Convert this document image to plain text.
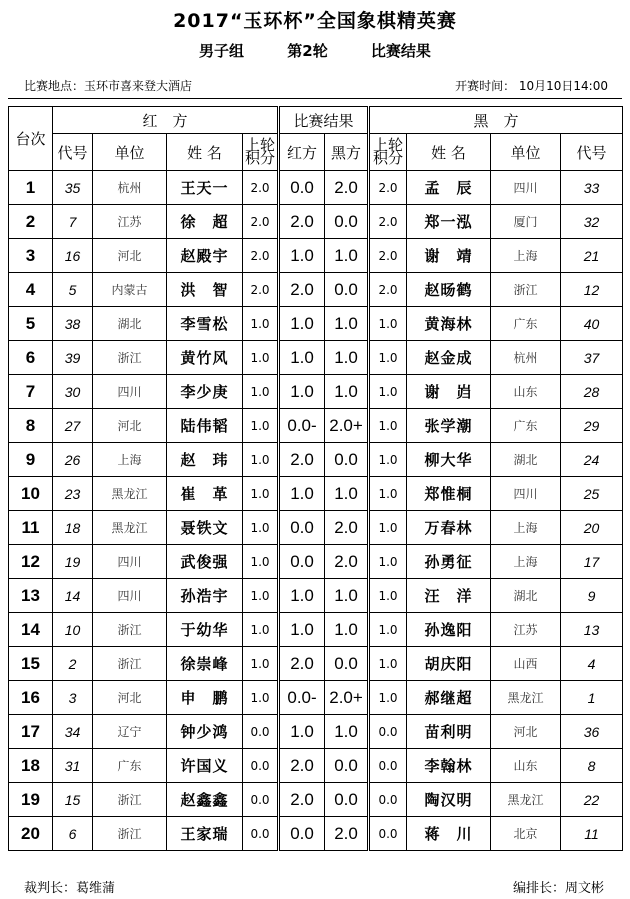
2017“玉环杯”全国象棋精英赛
男子组 第2轮 比赛结果
比赛地点：玉环市喜来登大酒店	开赛时间： 10月10日14:00
台次	红　方				比赛结果		黑　方			
	代号	单位	姓 名	上轮积分	红方	黑方	上轮积分	姓 名	单位	代号
1	35	杭州	王天一	2.0	0.0	2.0	2.0	孟　辰	四川	33
2	7	江苏	徐　超	2.0	2.0	0.0	2.0	郑一泓	厦门	32
3	16	河北	赵殿宇	2.0	1.0	1.0	2.0	谢　靖	上海	21
4	5	内蒙古	洪　智	2.0	2.0	0.0	2.0	赵旸鹤	浙江	12
5	38	湖北	李雪松	1.0	1.0	1.0	1.0	黄海林	广东	40
6	39	浙江	黄竹风	1.0	1.0	1.0	1.0	赵金成	杭州	37
7	30	四川	李少庚	1.0	1.0	1.0	1.0	谢　岿	山东	28
8	27	河北	陆伟韬	1.0	0.0-	2.0+	1.0	张学潮	广东	29
9	26	上海	赵　玮	1.0	2.0	0.0	1.0	柳大华	湖北	24
10	23	黑龙江	崔　革	1.0	1.0	1.0	1.0	郑惟桐	四川	25
11	18	黑龙江	聂铁文	1.0	0.0	2.0	1.0	万春林	上海	20
12	19	四川	武俊强	1.0	0.0	2.0	1.0	孙勇征	上海	17
13	14	四川	孙浩宇	1.0	1.0	1.0	1.0	汪　洋	湖北	9
14	10	浙江	于幼华	1.0	1.0	1.0	1.0	孙逸阳	江苏	13
15	2	浙江	徐崇峰	1.0	2.0	0.0	1.0	胡庆阳	山西	4
16	3	河北	申　鹏	1.0	0.0-	2.0+	1.0	郝继超	黑龙江	1
17	34	辽宁	钟少鸿	0.0	1.0	1.0	0.0	苗利明	河北	36
18	31	广东	许国义	0.0	2.0	0.0	0.0	李翰林	山东	8
19	15	浙江	赵鑫鑫	0.0	2.0	0.0	0.0	陶汉明	黑龙江	22
20	6	浙江	王家瑞	0.0	0.0	2.0	0.0	蒋　川	北京	11
裁判长：葛维蒲	编排长：周文彬
